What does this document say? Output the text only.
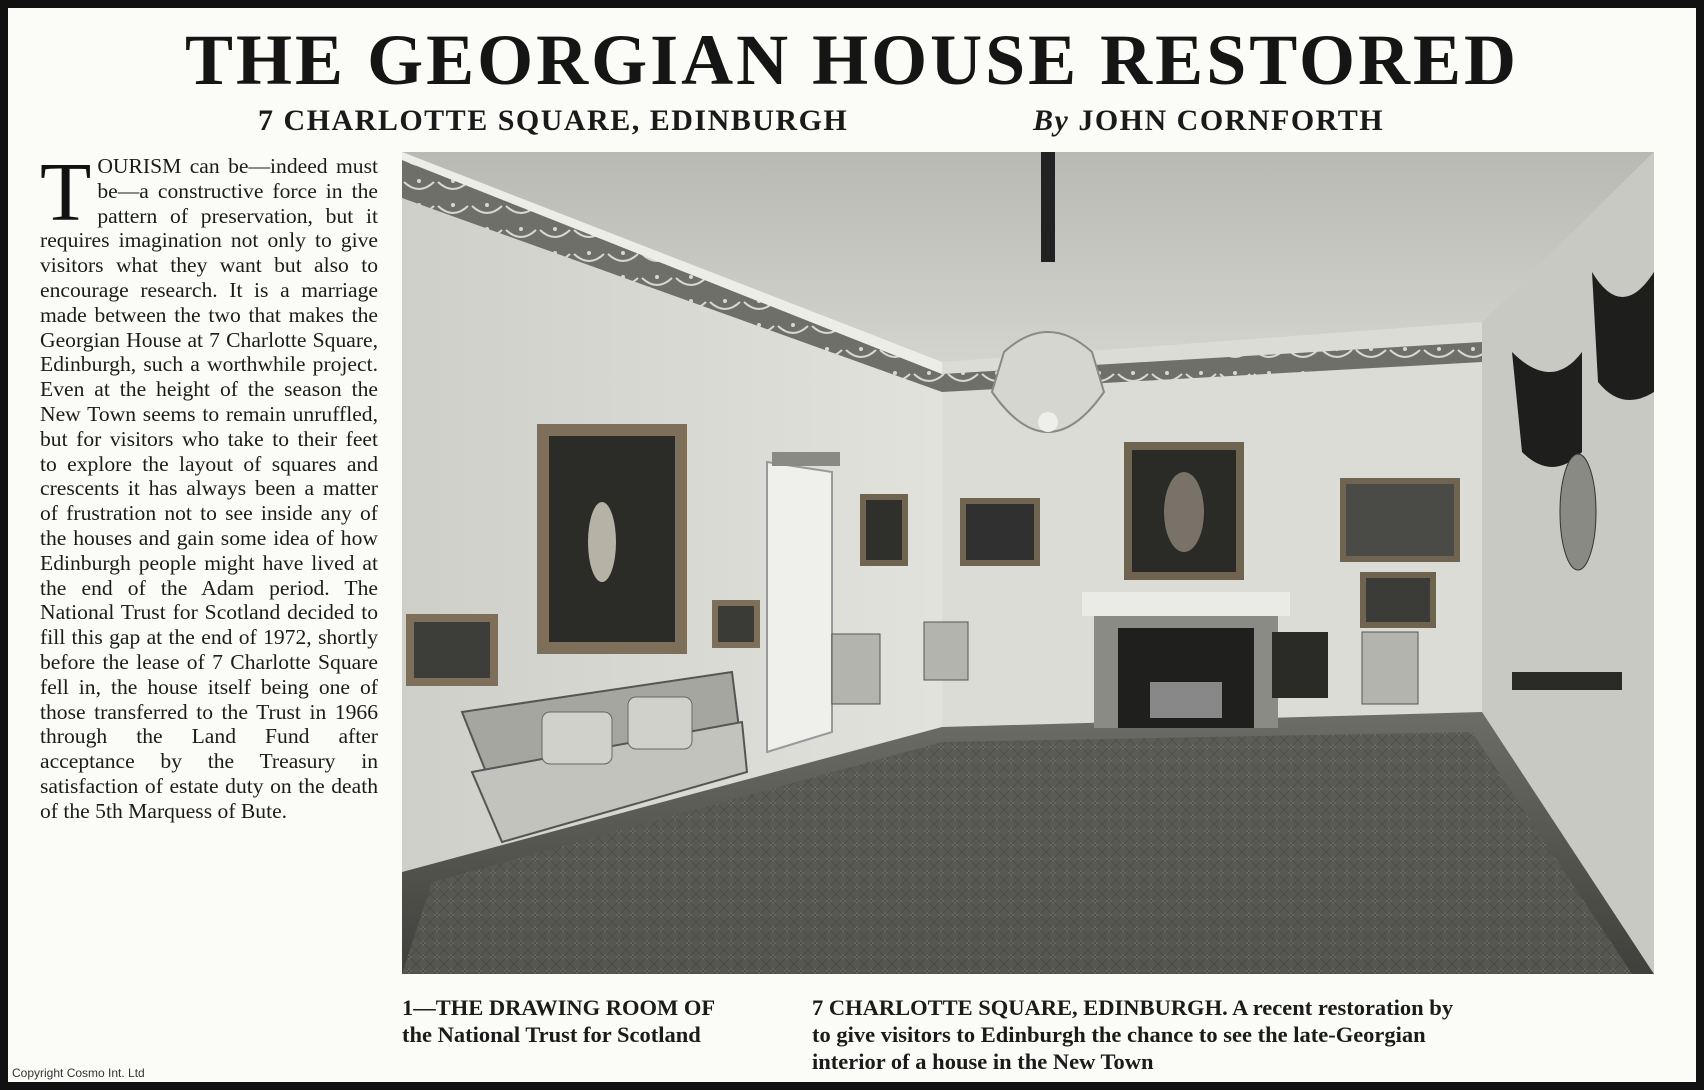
THE GEORGIAN HOUSE RESTORED
7 CHARLOTTE SQUARE, EDINBURGH	By JOHN CORNFORTH

TOURISM can be—indeed must be—a constructive force in the pattern of preservation, but it requires imagination not only to give visitors what they want but also to encourage research. It is a marriage made between the two that makes the Georgian House at 7 Charlotte Square, Edinburgh, such a worthwhile project. Even at the height of the season the New Town seems to remain unruffled, but for visitors who take to their feet to explore the layout of squares and crescents it has always been a matter of frustration not to see inside any of the houses and gain some idea of how Edinburgh people might have lived at the end of the Adam period. The National Trust for Scotland decided to fill this gap at the end of 1972, shortly before the lease of 7 Charlotte Square fell in, the house itself being one of those transferred to the Trust in 1966 through the Land Fund after acceptance by the Treasury in satisfaction of estate duty on the death of the 5th Marquess of Bute.

1—THE DRAWING ROOM OF
the National Trust for Scotland
7 CHARLOTTE SQUARE, EDINBURGH. A recent restoration by
to give visitors to Edinburgh the chance to see the late-Georgian
interior of a house in the New Town
Copyright Cosmo Int. Ltd
